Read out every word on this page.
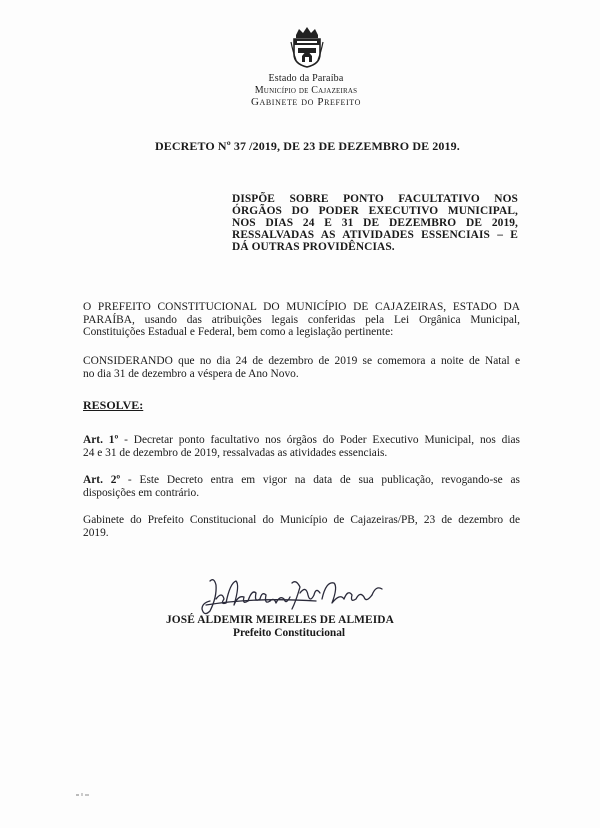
Estado da Paraíba
Município de Cajazeiras
Gabinete do Prefeito
DECRETO Nº 37 /2019, DE 23 DE DEZEMBRO DE 2019.
DISPÕE SOBRE PONTO FACULTATIVO NOS
ÓRGÃOS DO PODER EXECUTIVO MUNICIPAL,
NOS DIAS 24 E 31 DE DEZEMBRO DE 2019,
RESSALVADAS AS ATIVIDADES ESSENCIAIS – E
DÁ OUTRAS PROVIDÊNCIAS.
O PREFEITO CONSTITUCIONAL DO MUNICÍPIO DE CAJAZEIRAS, ESTADO DA
PARAÍBA, usando das atribuições legais conferidas pela Lei Orgânica Municipal,
Constituições Estadual e Federal, bem como a legislação pertinente:
CONSIDERANDO que no dia 24 de dezembro de 2019 se comemora a noite de Natal e
no dia 31 de dezembro a véspera de Ano Novo.
RESOLVE:
Art. 1º - Decretar ponto facultativo nos órgãos do Poder Executivo Municipal, nos dias
24 e 31 de dezembro de 2019, ressalvadas as atividades essenciais.
Art. 2º - Este Decreto entra em vigor na data de sua publicação, revogando-se as
disposições em contrário.
Gabinete do Prefeito Constitucional do Município de Cajazeiras/PB, 23 de dezembro de
2019.
JOSÉ ALDEMIR MEIRELES DE ALMEIDA
Prefeito Constitucional
